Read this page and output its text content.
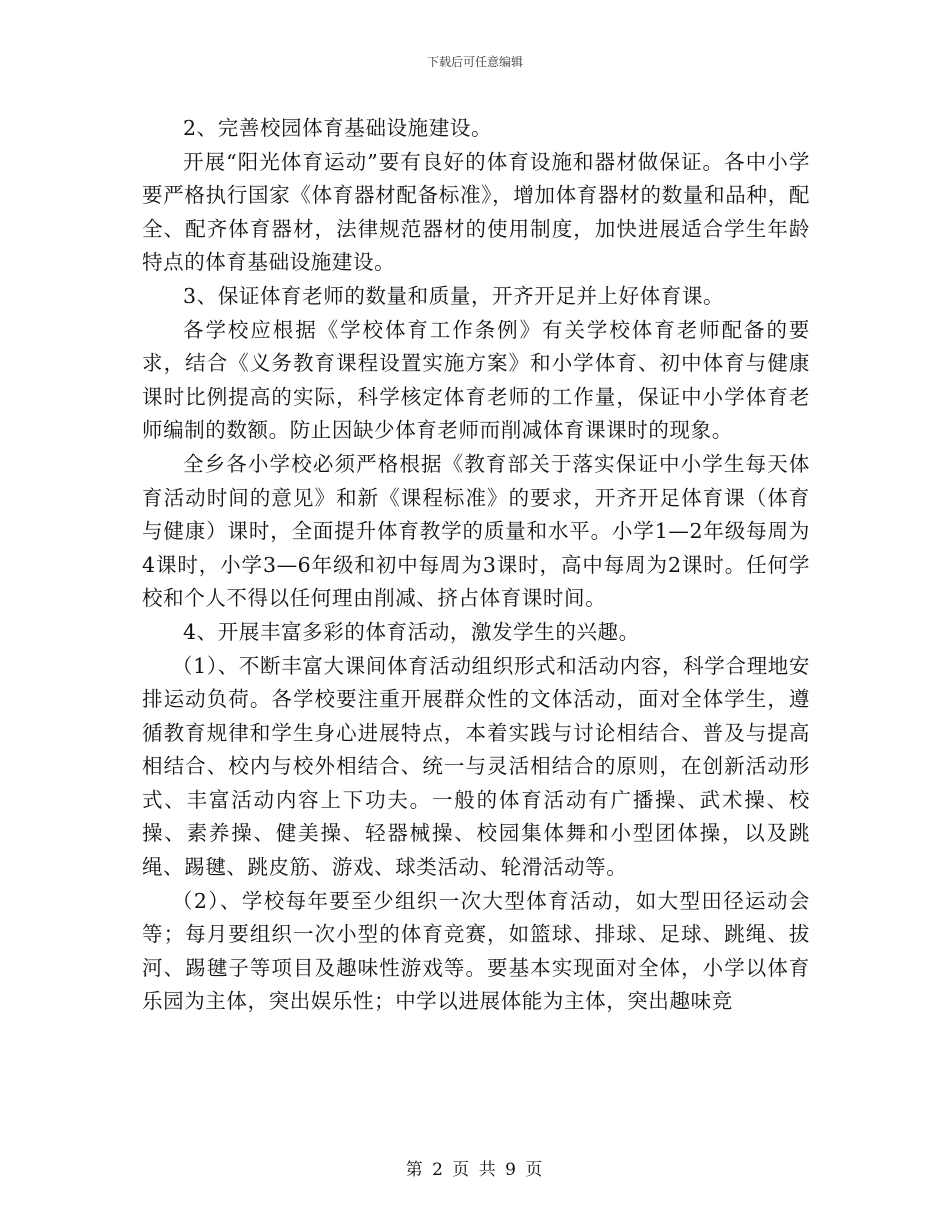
下载后可任意编辑

2、完善校园体育基础设施建设。

开展“阳光体育运动”要有良好的体育设施和器材做保证。各中小学要严格执行国家《体育器材配备标准》，增加体育器材的数量和品种，配全、配齐体育器材，法律规范器材的使用制度，加快进展适合学生年龄特点的体育基础设施建设。

3、保证体育老师的数量和质量，开齐开足并上好体育课。

各学校应根据《学校体育工作条例》有关学校体育老师配备的要求，结合《义务教育课程设置实施方案》和小学体育、初中体育与健康课时比例提高的实际，科学核定体育老师的工作量，保证中小学体育老师编制的数额。防止因缺少体育老师而削减体育课课时的现象。

全乡各小学校必须严格根据《教育部关于落实保证中小学生每天体育活动时间的意见》和新《课程标准》的要求，开齐开足体育课（体育与健康）课时，全面提升体育教学的质量和水平。小学1—2年级每周为4课时，小学3—6年级和初中每周为3课时，高中每周为2课时。任何学校和个人不得以任何理由削减、挤占体育课时间。

4、开展丰富多彩的体育活动，激发学生的兴趣。

（1）、不断丰富大课间体育活动组织形式和活动内容，科学合理地安排运动负荷。各学校要注重开展群众性的文体活动，面对全体学生，遵循教育规律和学生身心进展特点，本着实践与讨论相结合、普及与提高相结合、校内与校外相结合、统一与灵活相结合的原则，在创新活动形式、丰富活动内容上下功夫。一般的体育活动有广播操、武术操、校操、素养操、健美操、轻器械操、校园集体舞和小型团体操，以及跳绳、踢毽、跳皮筋、游戏、球类活动、轮滑活动等。

（2）、学校每年要至少组织一次大型体育活动，如大型田径运动会等；每月要组织一次小型的体育竞赛，如篮球、排球、足球、跳绳、拔河、踢毽子等项目及趣味性游戏等。要基本实现面对全体，小学以体育乐园为主体，突出娱乐性；中学以进展体能为主体，突出趣味竞

第 2 页 共 9 页
